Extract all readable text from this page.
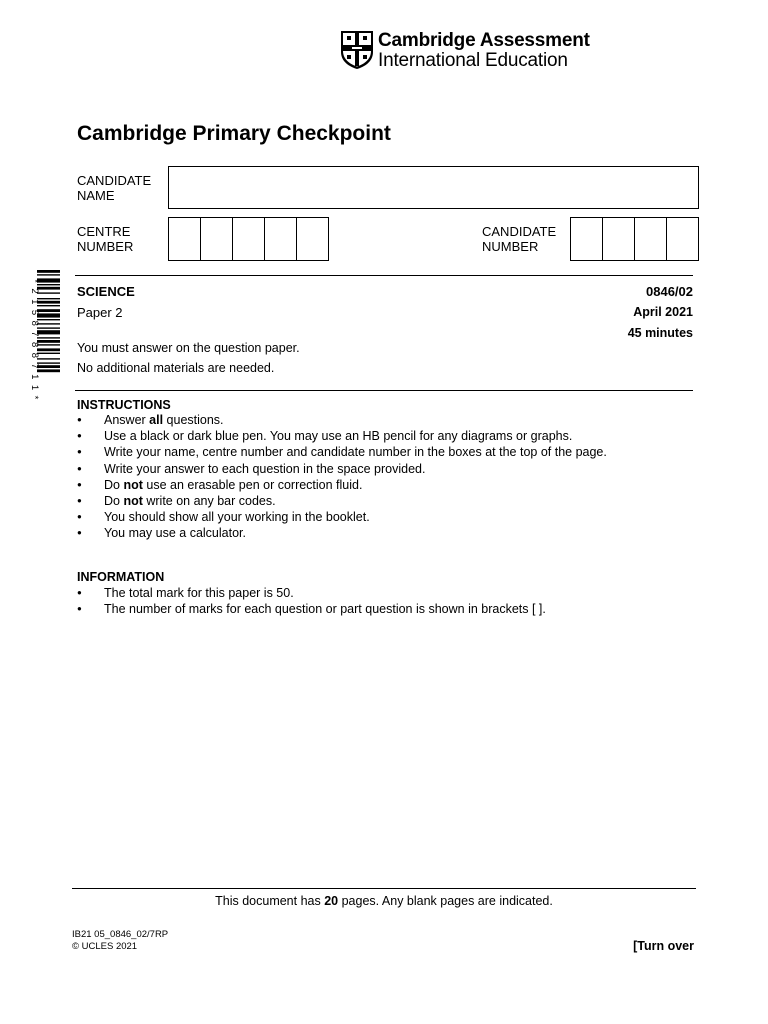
Cambridge Assessment
International Education
Cambridge Primary Checkpoint
CANDIDATE
NAME
CENTRE
NUMBER
CANDIDATE
NUMBER
* 2 1 5 8 7 8 8 7 1 1 *	SCIENCE	0846/02
Paper 2	April 2021
45 minutes
You must answer on the question paper.
No additional materials are needed.
INSTRUCTIONS
● Answer all questions.
● Use a black or dark blue pen. You may use an HB pencil for any diagrams or graphs.
● Write your name, centre number and candidate number in the boxes at the top of the page.
● Write your answer to each question in the space provided.
● Do not use an erasable pen or correction fluid.
● Do not write on any bar codes.
● You should show all your working in the booklet.
● You may use a calculator.
INFORMATION
● The total mark for this paper is 50.
● The number of marks for each question or part question is shown in brackets [ ].
This document has 20 pages. Any blank pages are indicated.
IB21 05_0846_02/7RP
© UCLES 2021	[Turn over
